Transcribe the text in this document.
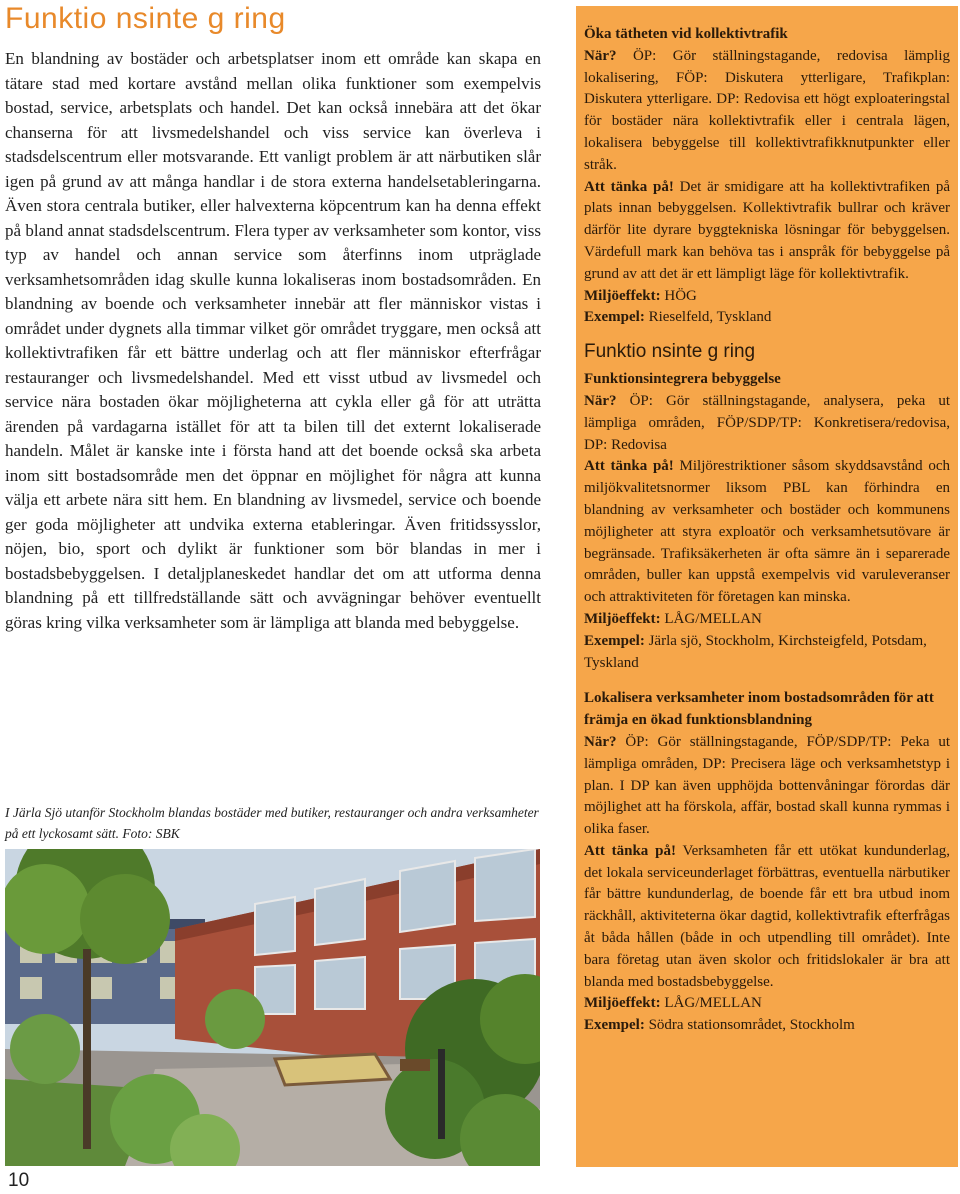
Funktio nsinte g ring

En blandning av bostäder och arbetsplatser inom ett område kan skapa en tätare stad med kortare avstånd mellan olika funktioner som exempelvis bostad, service, arbetsplats och handel. Det kan också innebära att det ökar chanserna för att livsmedelshandel och viss service kan överleva i stadsdelscentrum eller motsvarande. Ett vanligt problem är att närbutiken slår igen på grund av att många handlar i de stora externa handelsetableringarna. Även stora centrala butiker, eller halvexterna köpcentrum kan ha denna effekt på bland annat stadsdelscentrum. Flera typer av verksamheter som kontor, viss typ av handel och annan service som återfinns inom utpräglade verksamhetsområden idag skulle kunna lokaliseras inom bostadsområden. En blandning av boende och verksamheter innebär att fler människor vistas i området under dygnets alla timmar vilket gör området tryggare, men också att kollektivtrafiken får ett bättre underlag och att fler människor efterfrågar restauranger och livsmedelshandel. Med ett visst utbud av livsmedel och service nära bostaden ökar möjligheterna att cykla eller gå för att uträtta ärenden på vardagarna istället för att ta bilen till det externt lokaliserade handeln. Målet är kanske inte i första hand att det boende också ska arbeta inom sitt bostadsområde men det öppnar en möjlighet för några att kunna välja ett arbete nära sitt hem. En blandning av livsmedel, service och boende ger goda möjligheter att undvika externa etableringar. Även fritidssysslor, nöjen, bio, sport och dylikt är funktioner som bör blandas in mer i bostadsbebyggelsen. I detaljplaneskedet handlar det om att utforma denna blandning på ett tillfredställande sätt och avvägningar behöver eventuellt göras kring vilka verksamheter som är lämpliga att blanda med bebyggelse.

I Järla Sjö utanför Stockholm blandas bostäder med butiker, restauranger och andra verksamheter på ett lyckosamt sätt. Foto: SBK

10

Öka tätheten vid kollektivtrafik

När? ÖP: Gör ställningstagande, redovisa lämplig lokalisering, FÖP: Diskutera ytterligare, Trafikplan: Diskutera ytterligare. DP: Redovisa ett högt exploateringstal för bostäder nära kollektivtrafik eller i centrala lägen, lokalisera bebyggelse till kollektivtrafikknutpunkter eller stråk.

Att tänka på! Det är smidigare att ha kollektivtrafiken på plats innan bebyggelsen. Kollektivtrafik bullrar och kräver därför lite dyrare byggtekniska lösningar för bebyggelsen. Värdefull mark kan behöva tas i anspråk för bebyggelse på grund av att det är ett lämpligt läge för kollektivtrafik.

Miljöeffekt: HÖG

Exempel: Rieselfeld, Tyskland

Funktio nsinte g ring

Funktionsintegrera bebyggelse

När? ÖP: Gör ställningstagande, analysera, peka ut lämpliga områden, FÖP/SDP/TP: Konkretisera/redovisa, DP: Redovisa

Att tänka på! Miljörestriktioner såsom skyddsavstånd och miljökvalitetsnormer liksom PBL kan förhindra en blandning av verksamheter och bostäder och kommunens möjligheter att styra exploatör och verksamhetsutövare är begränsade. Trafiksäkerheten är ofta sämre än i separerade områden, buller kan uppstå exempelvis vid varuleveranser och attraktiviteten för företagen kan minska.

Miljöeffekt: LÅG/MELLAN

Exempel: Järla sjö, Stockholm, Kirchsteigfeld, Potsdam, Tyskland

Lokalisera verksamheter inom bostadsområden för att främja en ökad funktionsblandning

När? ÖP: Gör ställningstagande, FÖP/SDP/TP: Peka ut lämpliga områden, DP: Precisera läge och verksamhetstyp i plan. I DP kan även upphöjda bottenvåningar förordas där möjlighet att ha förskola, affär, bostad skall kunna rymmas i olika faser.

Att tänka på! Verksamheten får ett utökat kundunderlag, det lokala serviceunderlaget förbättras, eventuella närbutiker får bättre kundunderlag, de boende får ett bra utbud inom räckhåll, aktiviteterna ökar dagtid, kollektivtrafik efterfrågas åt båda hållen (både in och utpendling till området). Inte bara företag utan även skolor och fritidslokaler är bra att blanda med bostadsbebyggelse.

Miljöeffekt: LÅG/MELLAN

Exempel: Södra stationsområdet, Stockholm
